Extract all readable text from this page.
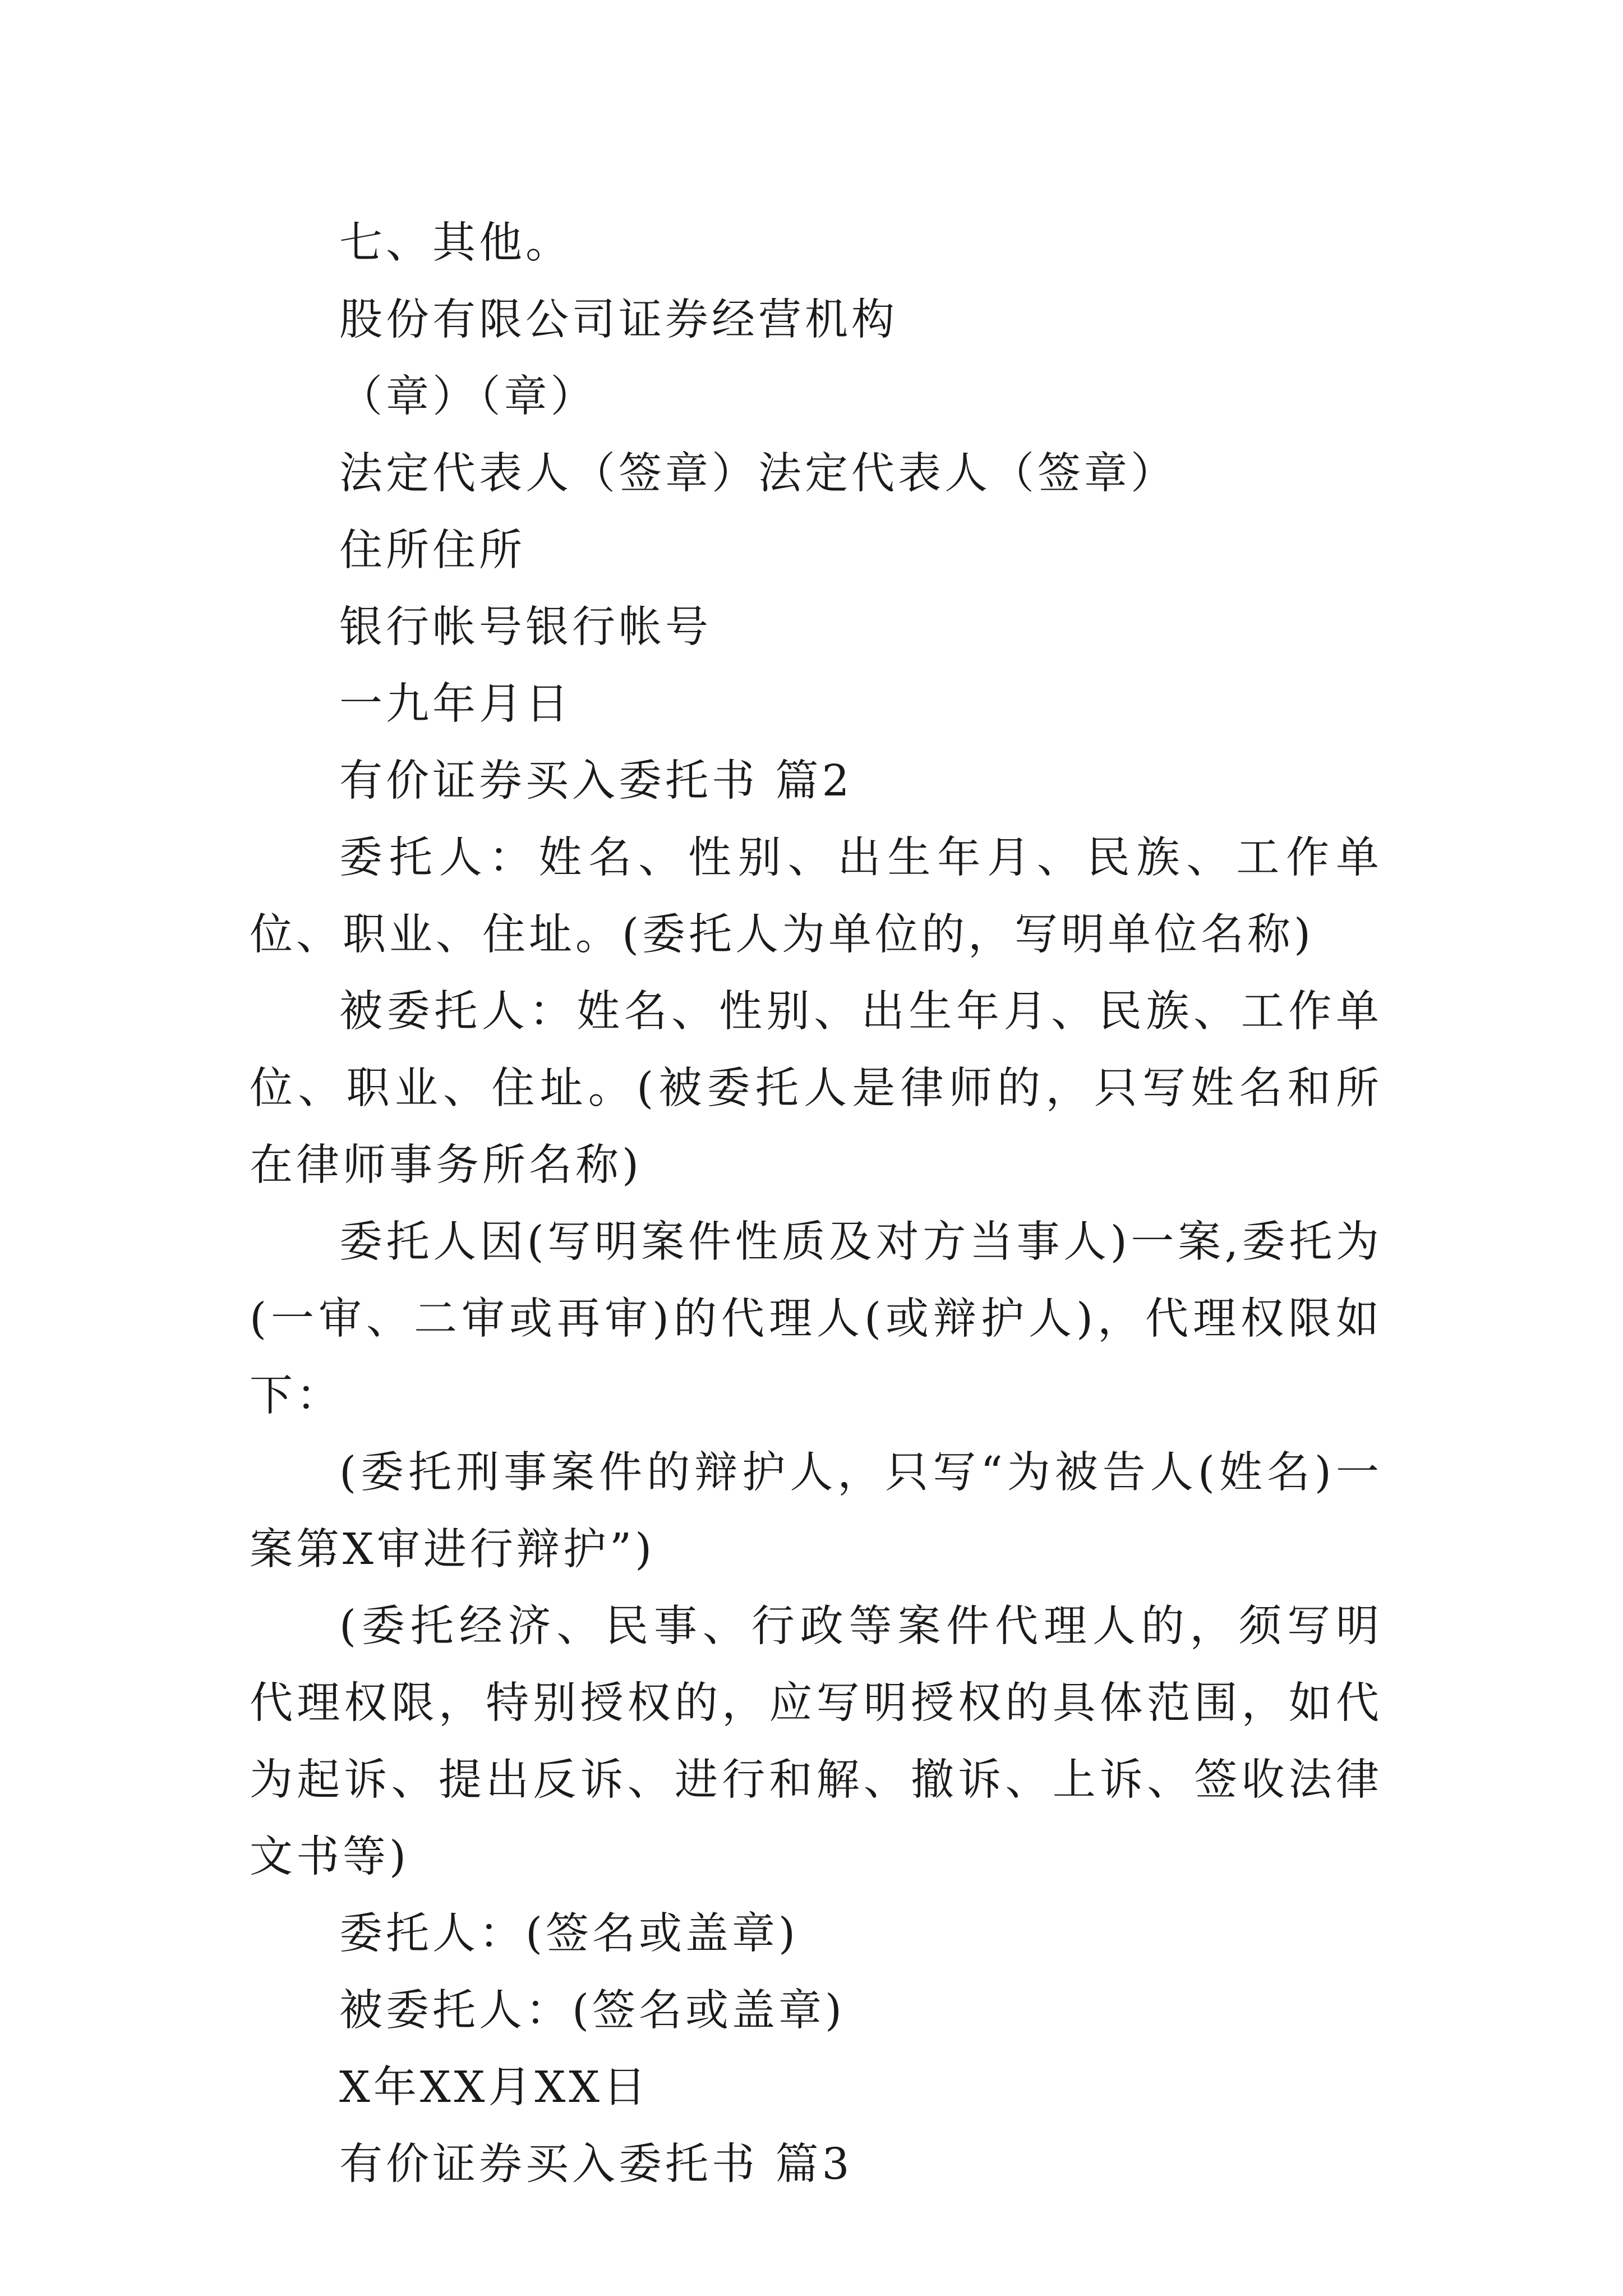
七、其他。

股份有限公司证券经营机构

（章）（章）

法定代表人（签章）法定代表人（签章）

住所住所

银行帐号银行帐号

一九年月日

有价证券买入委托书 篇2

委托人：姓名、性别、出生年月、民族、工作单位、职业、住址。(委托人为单位的，写明单位名称)

被委托人：姓名、性别、出生年月、民族、工作单位、职业、住址。(被委托人是律师的，只写姓名和所在律师事务所名称)

委托人因(写明案件性质及对方当事人)一案,委托为(一审、二审或再审)的代理人(或辩护人)，代理权限如下：

(委托刑事案件的辩护人，只写“为被告人(姓名)一案第X审进行辩护”)

(委托经济、民事、行政等案件代理人的，须写明代理权限，特别授权的，应写明授权的具体范围，如代为起诉、提出反诉、进行和解、撤诉、上诉、签收法律文书等)

委托人：(签名或盖章)

被委托人：(签名或盖章)

X年XX月XX日

有价证券买入委托书 篇3
